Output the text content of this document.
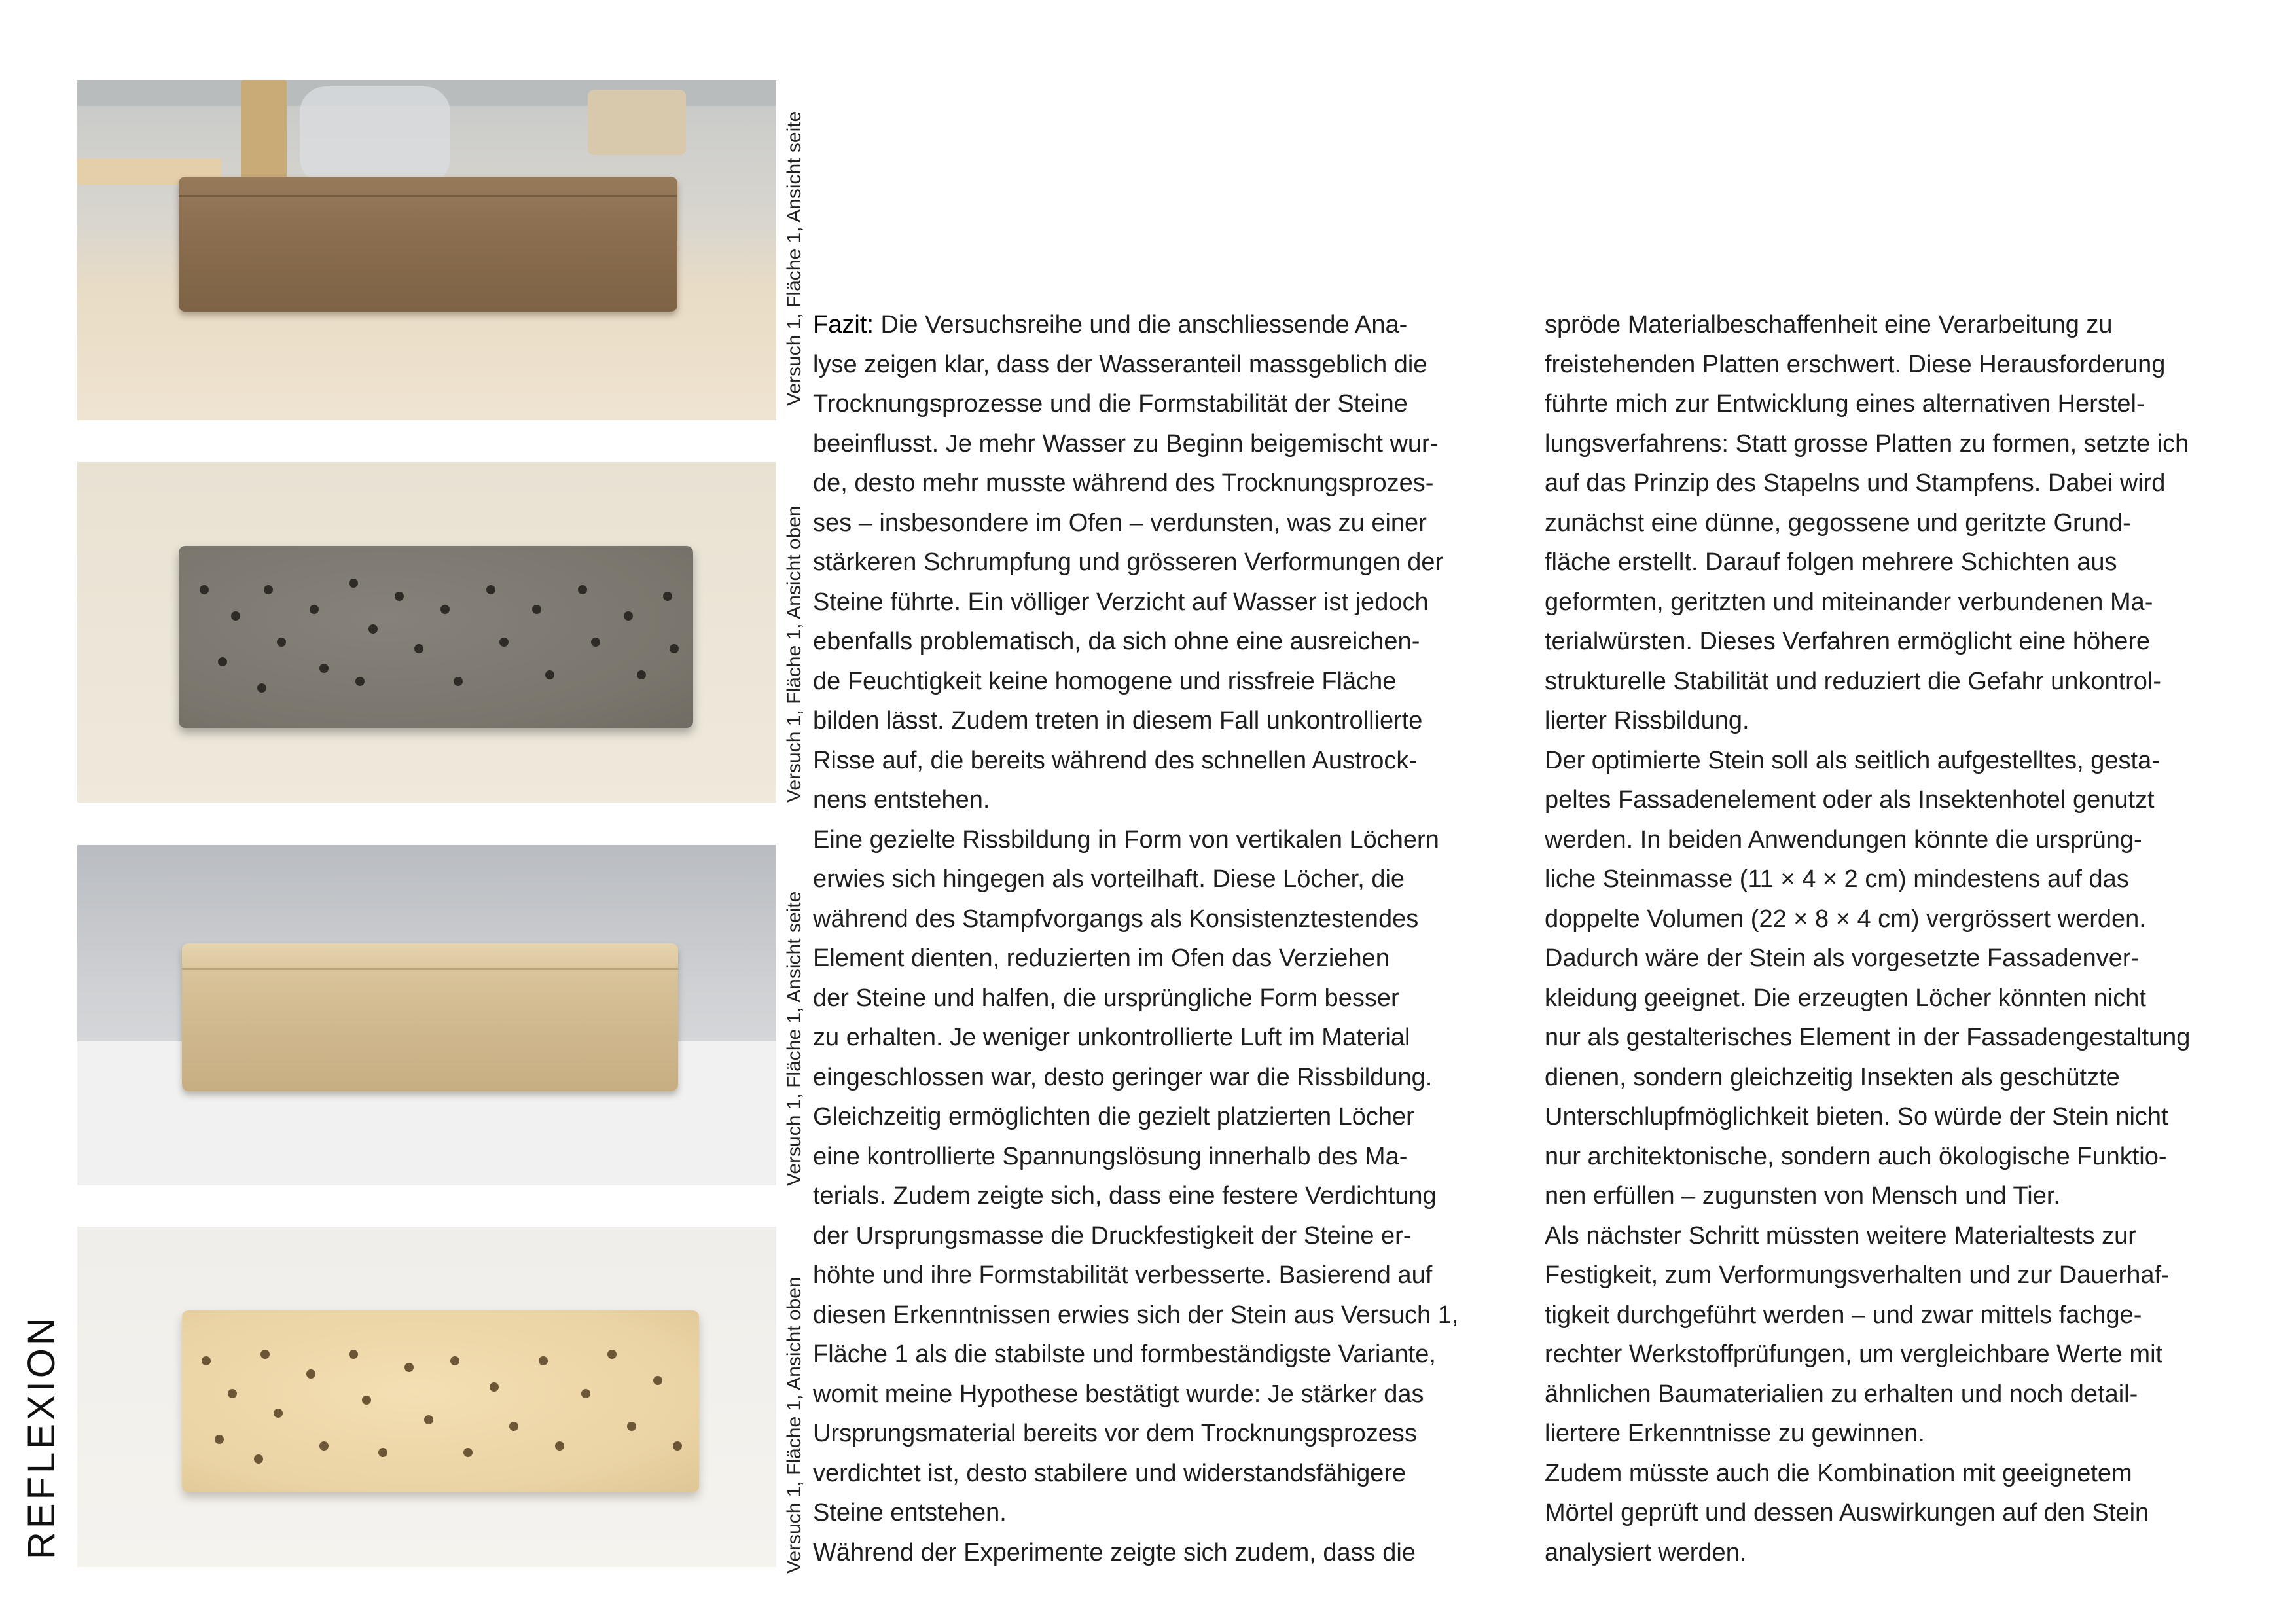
REFLEXION
Versuch 1, Fläche 1, Ansicht seite
Versuch 1, Fläche 1, Ansicht oben
Versuch 1, Fläche 1, Ansicht seite
Versuch 1, Fläche 1, Ansicht oben

Fazit: Die Versuchsreihe und die anschliessende Ana-

lyse zeigen klar, dass der Wasseranteil massgeblich die

Trocknungsprozesse und die Formstabilität der Steine

beeinflusst. Je mehr Wasser zu Beginn beigemischt wur-

de, desto mehr musste während des Trocknungsprozes-

ses – insbesondere im Ofen – verdunsten, was zu einer

stärkeren Schrumpfung und grösseren Verformungen der

Steine führte. Ein völliger Verzicht auf Wasser ist jedoch

ebenfalls problematisch, da sich ohne eine ausreichen-

de Feuchtigkeit keine homogene und rissfreie Fläche

bilden lässt. Zudem treten in diesem Fall unkontrollierte

Risse auf, die bereits während des schnellen Austrock-

nens entstehen.

Eine gezielte Rissbildung in Form von vertikalen Löchern

erwies sich hingegen als vorteilhaft. Diese Löcher, die

während des Stampfvorgangs als Konsistenztestendes

Element dienten, reduzierten im Ofen das Verziehen

der Steine und halfen, die ursprüngliche Form besser

zu erhalten. Je weniger unkontrollierte Luft im Material

eingeschlossen war, desto geringer war die Rissbildung.

Gleichzeitig ermöglichten die gezielt platzierten Löcher

eine kontrollierte Spannungslösung innerhalb des Ma-

terials. Zudem zeigte sich, dass eine festere Verdichtung

der Ursprungsmasse die Druckfestigkeit der Steine er-

höhte und ihre Formstabilität verbesserte. Basierend auf

diesen Erkenntnissen erwies sich der Stein aus Versuch 1,

Fläche 1 als die stabilste und formbeständigste Variante,

womit meine Hypothese bestätigt wurde: Je stärker das

Ursprungsmaterial bereits vor dem Trocknungsprozess

verdichtet ist, desto stabilere und widerstandsfähigere

Steine entstehen.

Während der Experimente zeigte sich zudem, dass die

spröde Materialbeschaffenheit eine Verarbeitung zu

freistehenden Platten erschwert. Diese Herausforderung

führte mich zur Entwicklung eines alternativen Herstel-

lungsverfahrens: Statt grosse Platten zu formen, setzte ich

auf das Prinzip des Stapelns und Stampfens. Dabei wird

zunächst eine dünne, gegossene und geritzte Grund-

fläche erstellt. Darauf folgen mehrere Schichten aus

geformten, geritzten und miteinander verbundenen Ma-

terialwürsten. Dieses Verfahren ermöglicht eine höhere

strukturelle Stabilität und reduziert die Gefahr unkontrol-

lierter Rissbildung.

Der optimierte Stein soll als seitlich aufgestelltes, gesta-

peltes Fassadenelement oder als Insektenhotel genutzt

werden. In beiden Anwendungen könnte die ursprüng-

liche Steinmasse (11 × 4 × 2 cm) mindestens auf das

doppelte Volumen (22 × 8 × 4 cm) vergrössert werden.

Dadurch wäre der Stein als vorgesetzte Fassadenver-

kleidung geeignet. Die erzeugten Löcher könnten nicht

nur als gestalterisches Element in der Fassadengestaltung

dienen, sondern gleichzeitig Insekten als geschützte

Unterschlupfmöglichkeit bieten. So würde der Stein nicht

nur architektonische, sondern auch ökologische Funktio-

nen erfüllen – zugunsten von Mensch und Tier.

Als nächster Schritt müssten weitere Materialtests zur

Festigkeit, zum Verformungsverhalten und zur Dauerhaf-

tigkeit durchgeführt werden – und zwar mittels fachge-

rechter Werkstoffprüfungen, um vergleichbare Werte mit

ähnlichen Baumaterialien zu erhalten und noch detail-

liertere Erkenntnisse zu gewinnen.

Zudem müsste auch die Kombination mit geeignetem

Mörtel geprüft und dessen Auswirkungen auf den Stein

analysiert werden.
